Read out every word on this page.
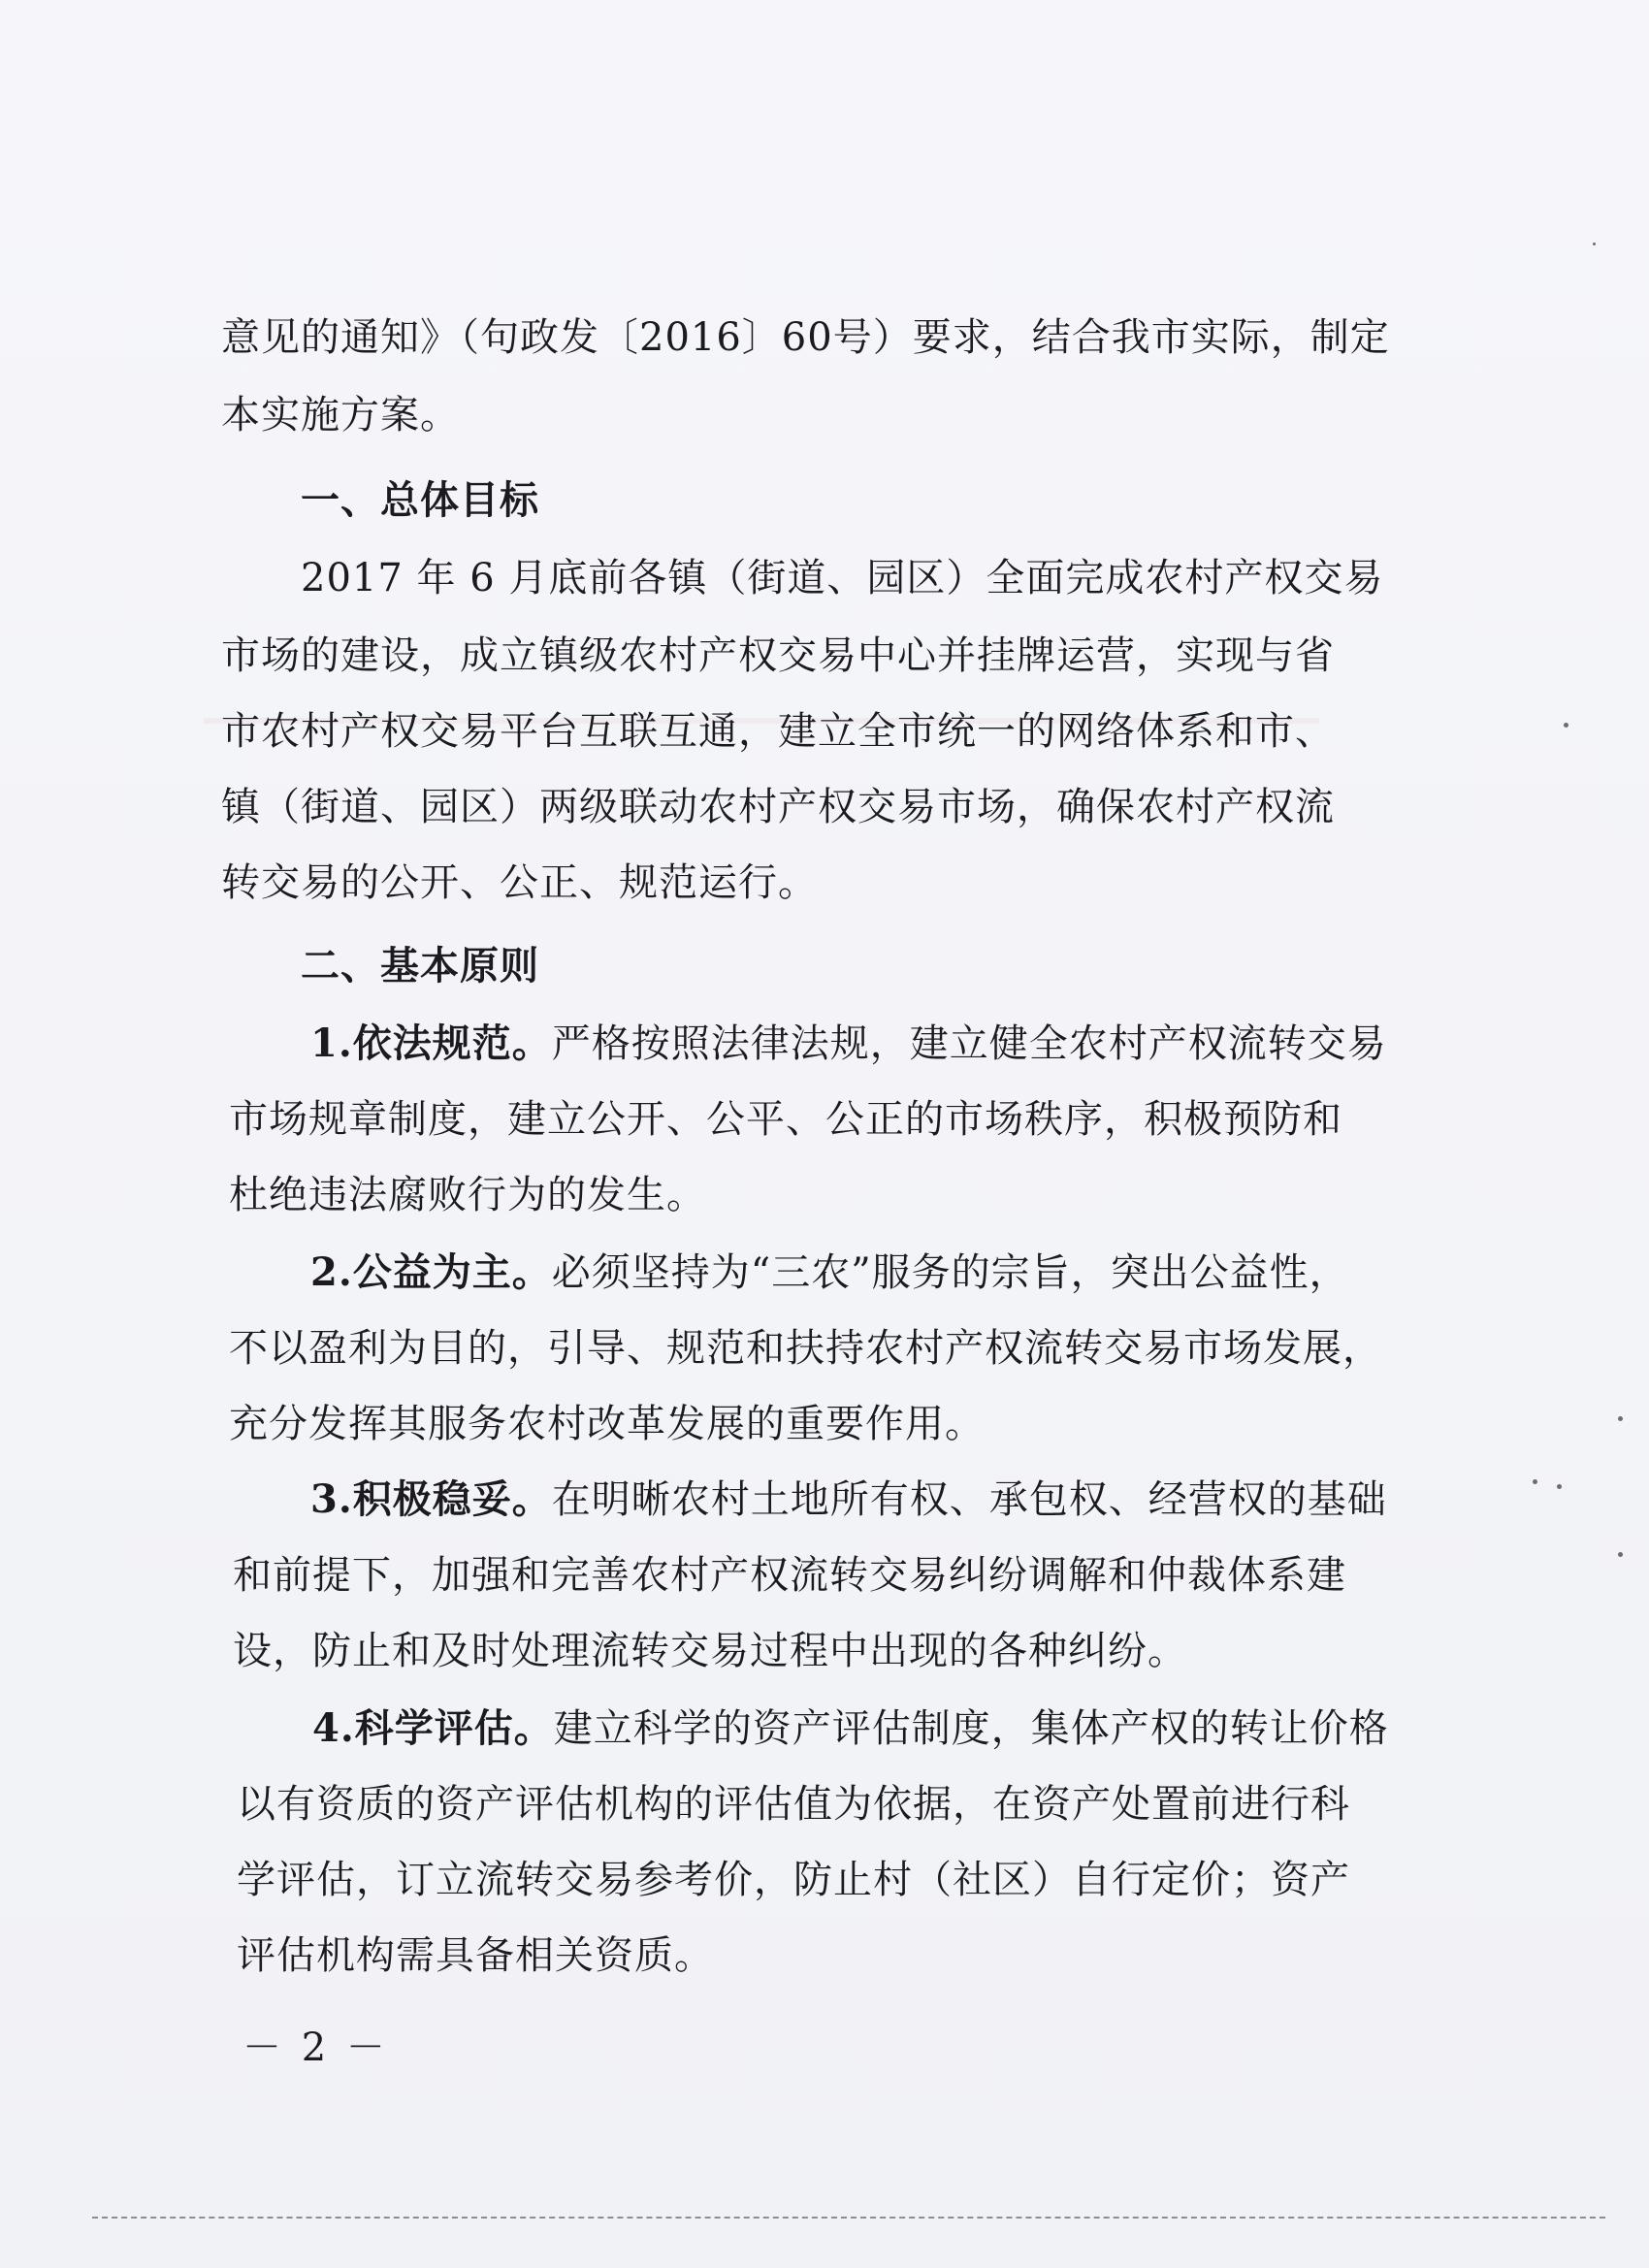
意见的通知》（句政发〔2016〕60号）要求，结合我市实际，制定
本实施方案。
一、总体目标
2017 年 6 月底前各镇（街道、园区）全面完成农村产权交易
市场的建设，成立镇级农村产权交易中心并挂牌运营，实现与省
市农村产权交易平台互联互通，建立全市统一的网络体系和市、
镇（街道、园区）两级联动农村产权交易市场，确保农村产权流
转交易的公开、公正、规范运行。
二、基本原则
1.依法规范。严格按照法律法规，建立健全农村产权流转交易
市场规章制度，建立公开、公平、公正的市场秩序，积极预防和
杜绝违法腐败行为的发生。
2.公益为主。必须坚持为“三农”服务的宗旨，突出公益性，
不以盈利为目的，引导、规范和扶持农村产权流转交易市场发展，
充分发挥其服务农村改革发展的重要作用。
3.积极稳妥。在明晰农村土地所有权、承包权、经营权的基础
和前提下，加强和完善农村产权流转交易纠纷调解和仲裁体系建
设，防止和及时处理流转交易过程中出现的各种纠纷。
4.科学评估。建立科学的资产评估制度，集体产权的转让价格
以有资质的资产评估机构的评估值为依据，在资产处置前进行科
学评估，订立流转交易参考价，防止村（社区）自行定价；资产
评估机构需具备相关资质。
－ 2 －
